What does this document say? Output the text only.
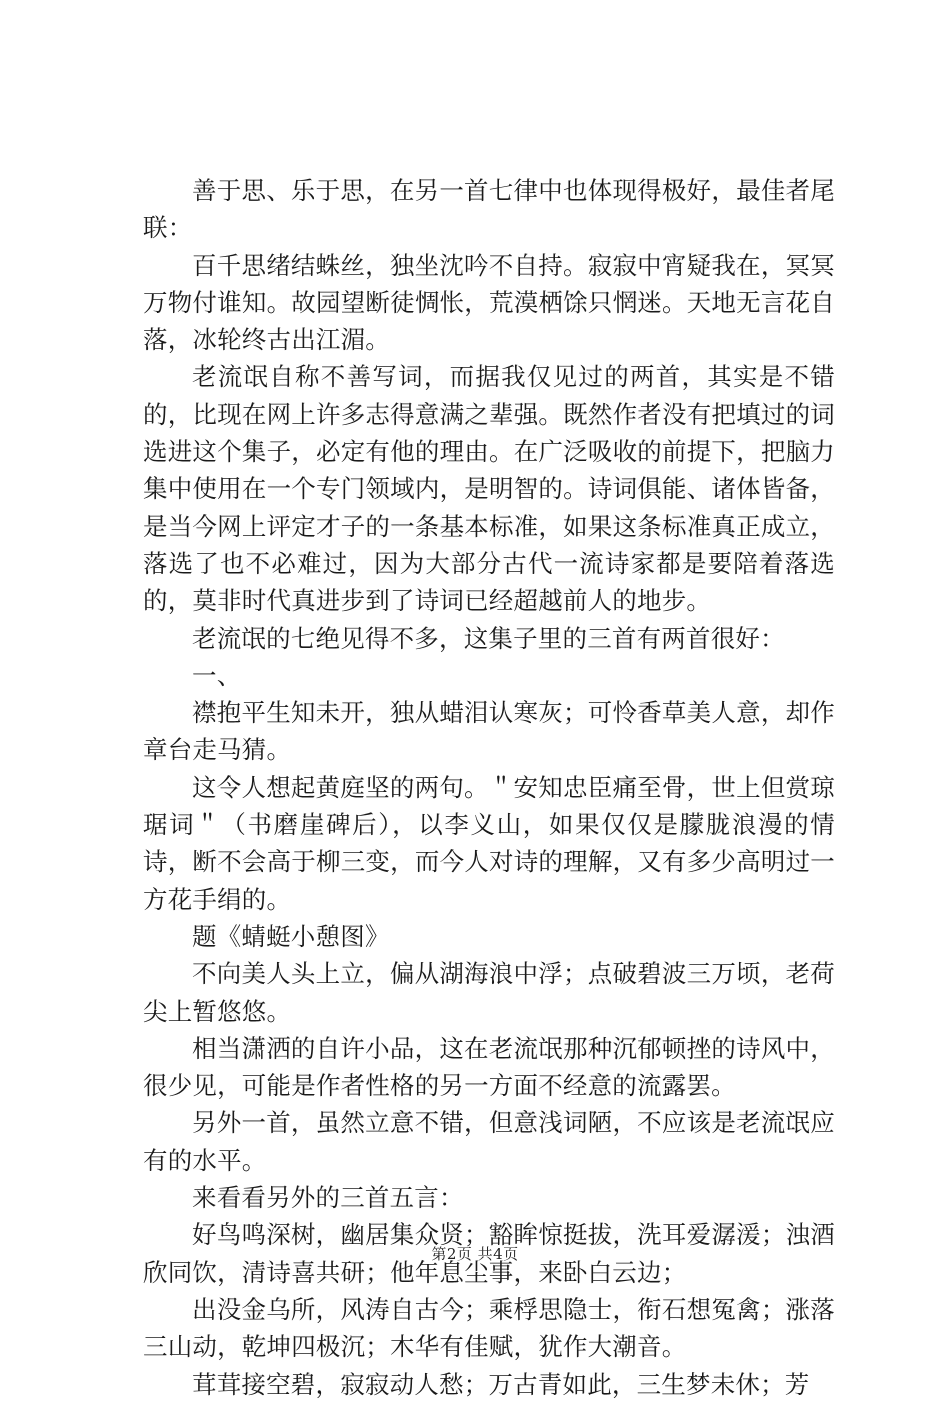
善于思、乐于思，在另一首七律中也体现得极好，最佳者尾联：

百千思绪结蛛丝，独坐沈吟不自持。寂寂中宵疑我在，冥冥万物付谁知。故园望断徒惆怅，荒漠栖馀只惘迷。天地无言花自落，冰轮终古出江湄。

老流氓自称不善写词，而据我仅见过的两首，其实是不错的，比现在网上许多志得意满之辈强。既然作者没有把填过的词选进这个集子，必定有他的理由。在广泛吸收的前提下，把脑力集中使用在一个专门领域内，是明智的。诗词俱能、诸体皆备，是当今网上评定才子的一条基本标准，如果这条标准真正成立，落选了也不必难过，因为大部分古代一流诗家都是要陪着落选的，莫非时代真进步到了诗词已经超越前人的地步。

老流氓的七绝见得不多，这集子里的三首有两首很好：

一、

襟抱平生知未开，独从蜡泪认寒灰；可怜香草美人意，却作章台走马猜。

这令人想起黄庭坚的两句。＂安知忠臣痛至骨，世上但赏琼琚词＂（书磨崖碑后），以李义山，如果仅仅是朦胧浪漫的情诗，断不会高于柳三变，而今人对诗的理解，又有多少高明过一方花手绢的。

题《蜻蜓小憩图》

不向美人头上立，偏从湖海浪中浮；点破碧波三万顷，老荷尖上暂悠悠。

相当潇洒的自许小品，这在老流氓那种沉郁顿挫的诗风中，很少见，可能是作者性格的另一方面不经意的流露罢。

另外一首，虽然立意不错，但意浅词陋，不应该是老流氓应有的水平。

来看看另外的三首五言：

好鸟鸣深树，幽居集众贤；豁眸惊挺拔，洗耳爱潺湲；浊酒欣同饮，清诗喜共研；他年息尘事，来卧白云边；

出没金乌所，风涛自古今；乘桴思隐士，衔石想冤禽；涨落三山动，乾坤四极沉；木华有佳赋，犹作大潮音。

茸茸接空碧，寂寂动人愁；万古青如此，三生梦未休；芳

第2页 共4页
